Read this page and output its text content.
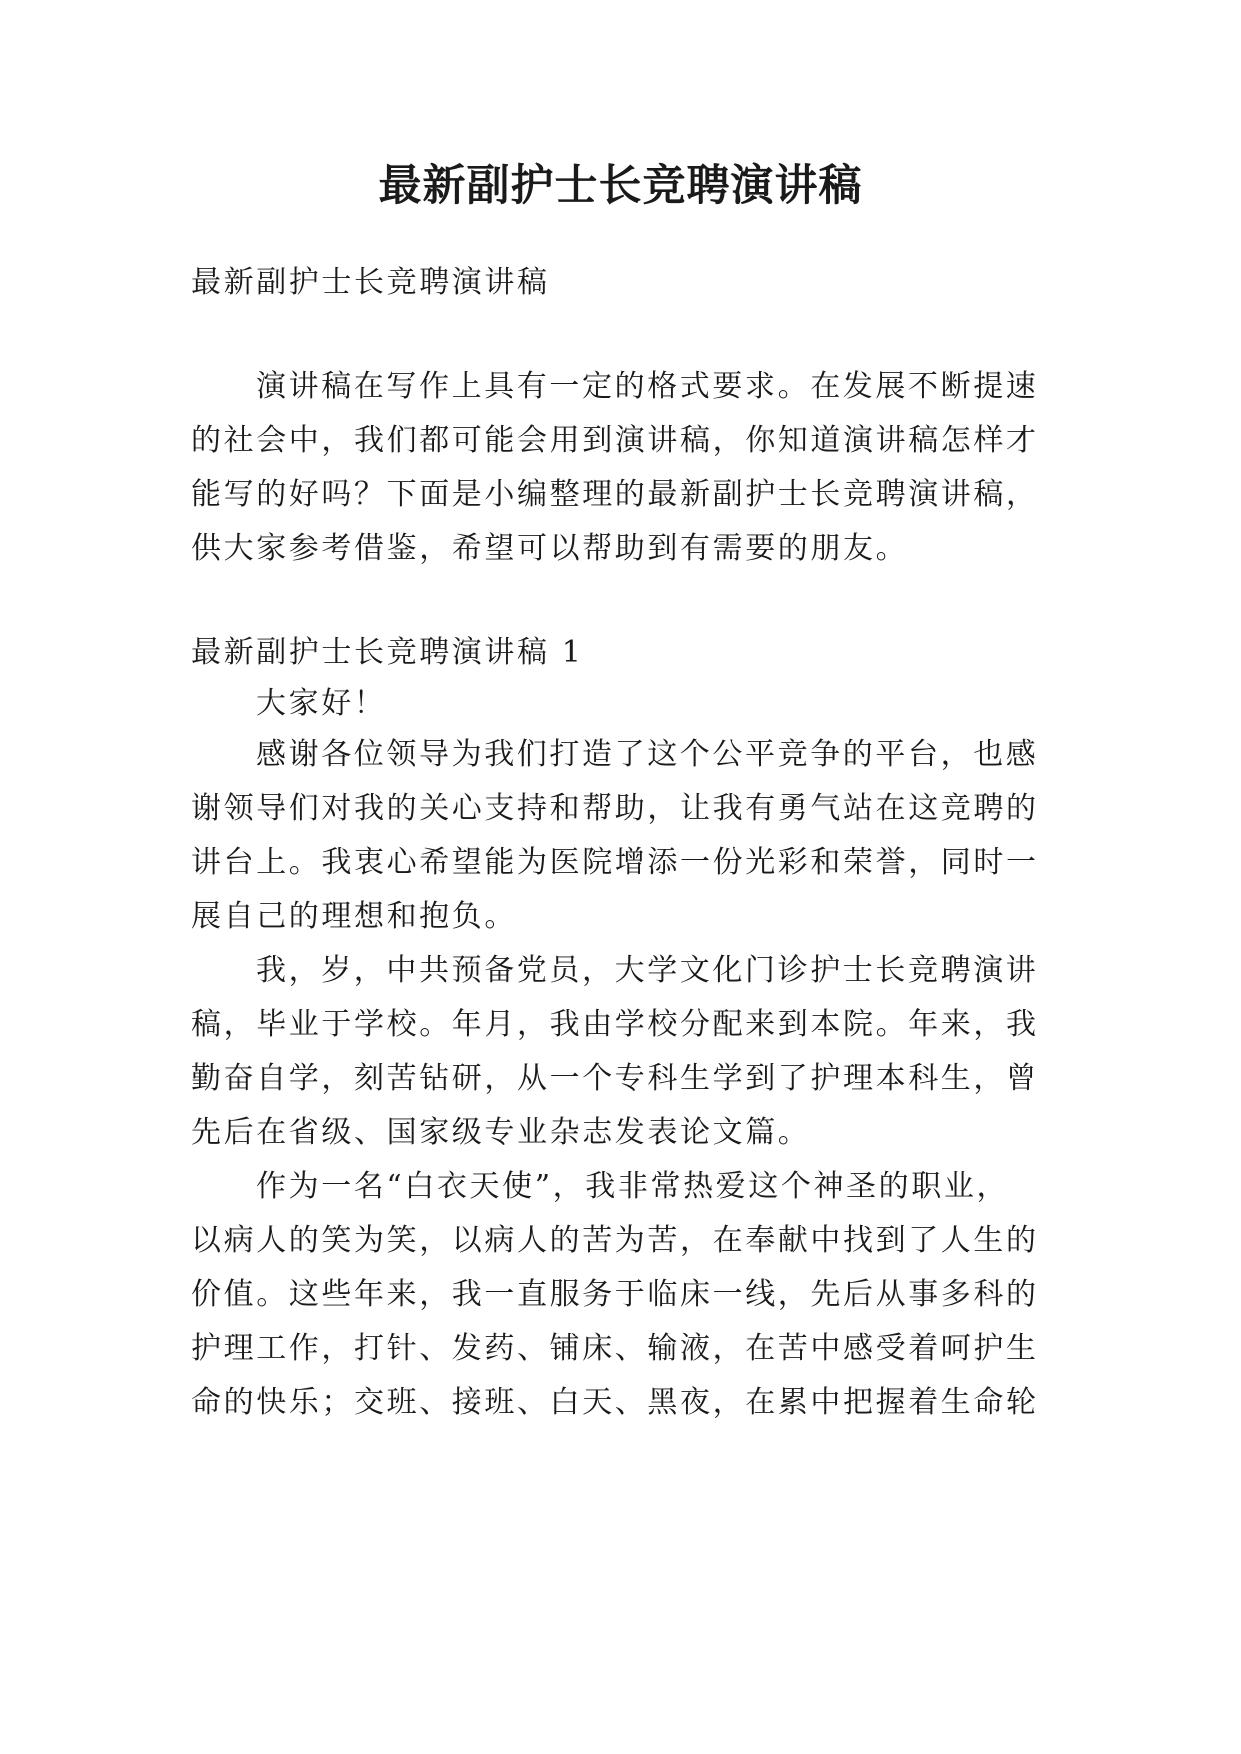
最新副护士长竞聘演讲稿
最新副护士长竞聘演讲稿
演讲稿在写作上具有一定的格式要求。在发展不断提速
的社会中，我们都可能会用到演讲稿，你知道演讲稿怎样才
能写的好吗？下面是小编整理的最新副护士长竞聘演讲稿，
供大家参考借鉴，希望可以帮助到有需要的朋友。
最新副护士长竞聘演讲稿 1
大家好！
感谢各位领导为我们打造了这个公平竞争的平台，也感
谢领导们对我的关心支持和帮助，让我有勇气站在这竞聘的
讲台上。我衷心希望能为医院增添一份光彩和荣誉，同时一
展自己的理想和抱负。
我，岁，中共预备党员，大学文化门诊护士长竞聘演讲
稿，毕业于学校。年月，我由学校分配来到本院。年来，我
勤奋自学，刻苦钻研，从一个专科生学到了护理本科生，曾
先后在省级、国家级专业杂志发表论文篇。
作为一名“白衣天使”，我非常热爱这个神圣的职业，
以病人的笑为笑，以病人的苦为苦，在奉献中找到了人生的
价值。这些年来，我一直服务于临床一线，先后从事多科的
护理工作，打针、发药、铺床、输液，在苦中感受着呵护生
命的快乐；交班、接班、白天、黑夜，在累中把握着生命轮
